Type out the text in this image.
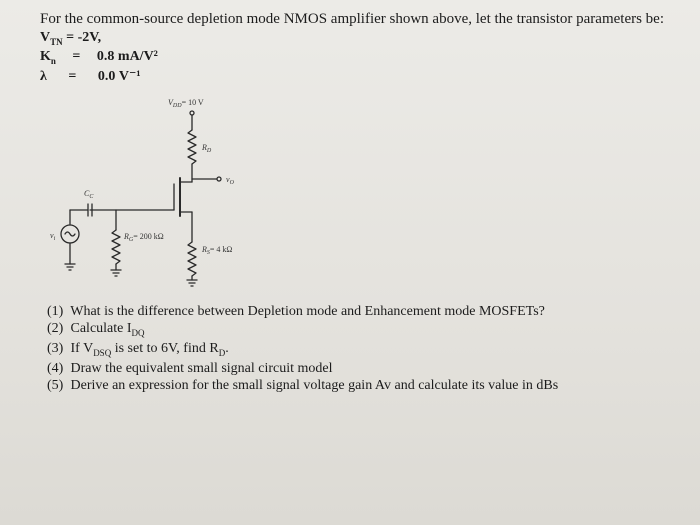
For the common-source depletion mode NMOS amplifier shown above, let the transistor parameters be:
$V_{TN} = -2V$,
$K_n = 0.8$ mA/V²
λ = 0.0 V⁻¹
$V_{DD}= 10$ V
$R_D$
$v_O$
$C_C$
$R_G= 200$ kΩ
$R_S= 4$ kΩ
$v_i$
(1) What is the difference between Depletion mode and Enhancement mode MOSFETs?
(2) Calculate $I_{DQ}$
(3) If $V_{DSQ}$ is set to 6V, find $R_D$.
(4) Draw the equivalent small signal circuit model
(5) Derive an expression for the small signal voltage gain Av and calculate its value in dBs
